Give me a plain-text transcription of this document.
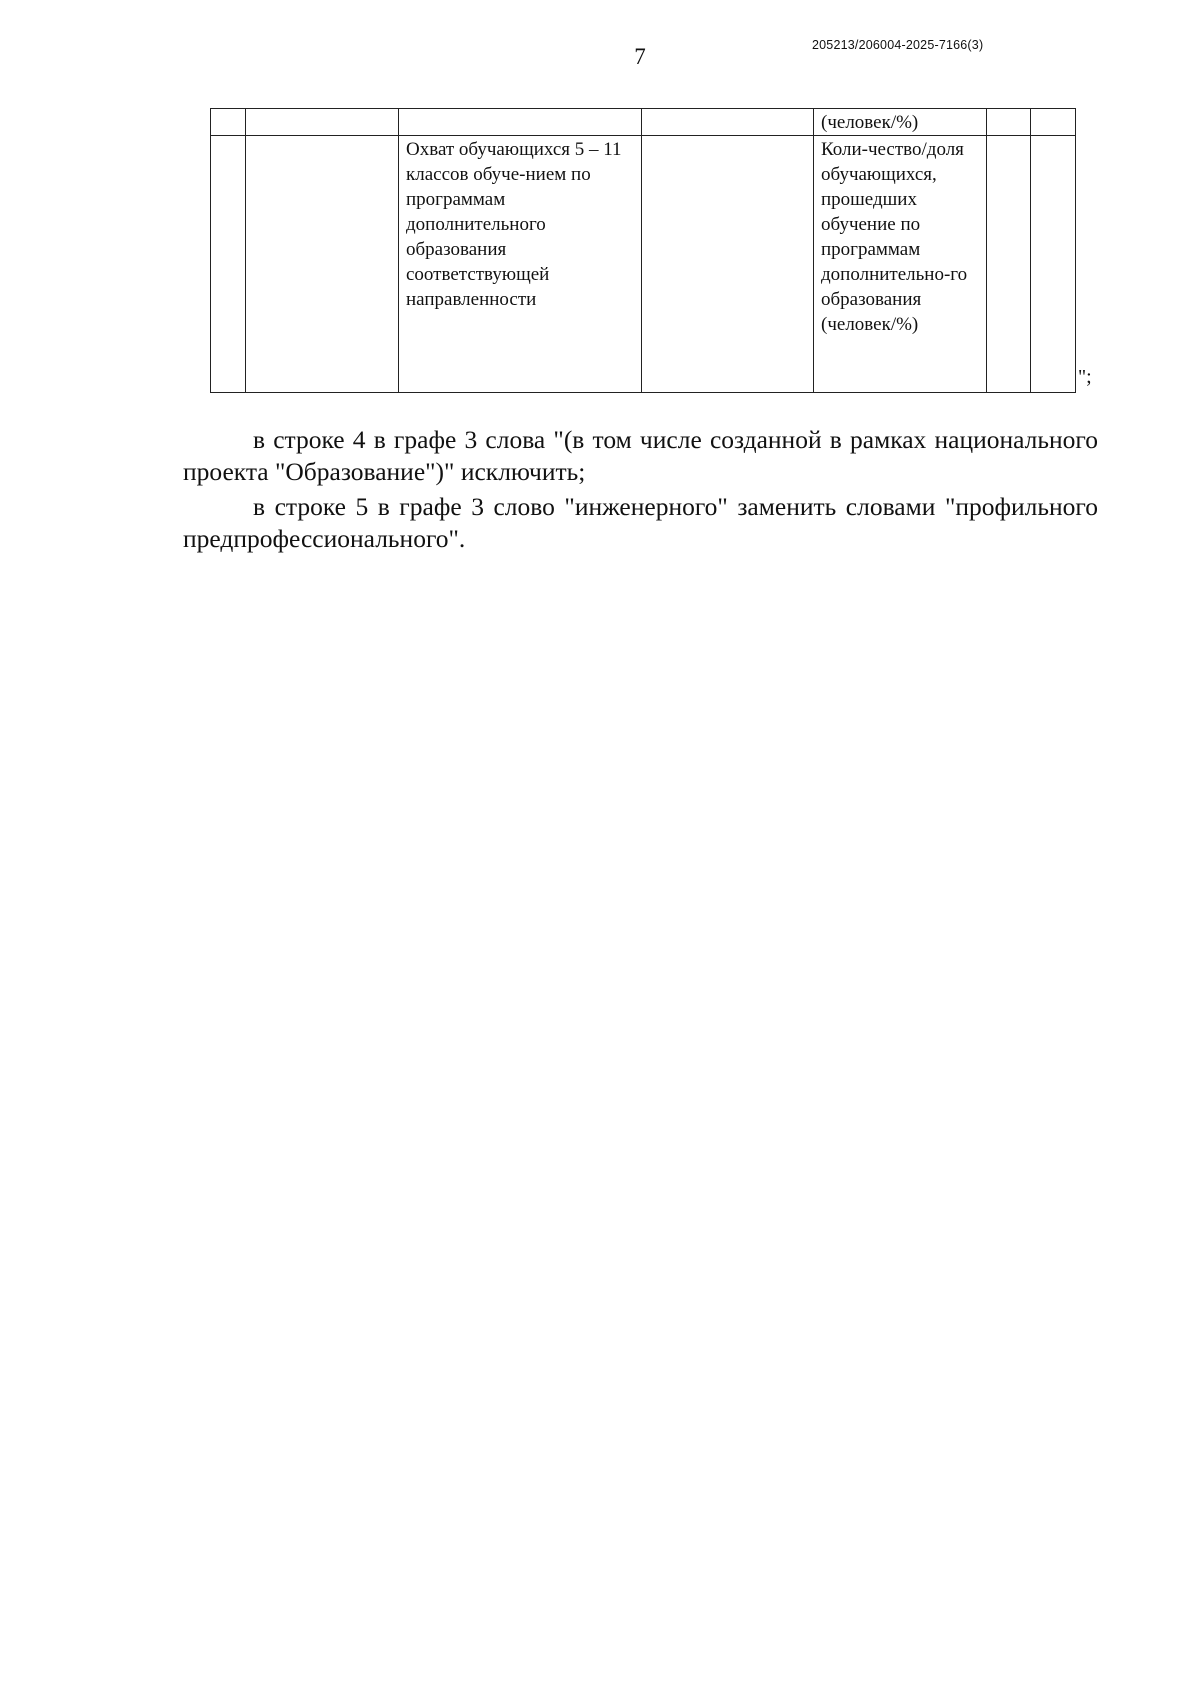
7	205213/206004-2025-7166(3)
				(человек/%)		
		Охват обучающихся 5 – 11 классов обуче-нием по программам дополнительного образования соответствующей направленности		Коли-чество/доля обучающихся, прошедших обучение по программам дополнительно-го образования (человек/%)		
";

в строке 4 в графе 3 слова "(в том числе созданной в рамках национального проекта "Образование")" исключить;

в строке 5 в графе 3 слово "инженерного" заменить словами "профильного предпрофессионального".
